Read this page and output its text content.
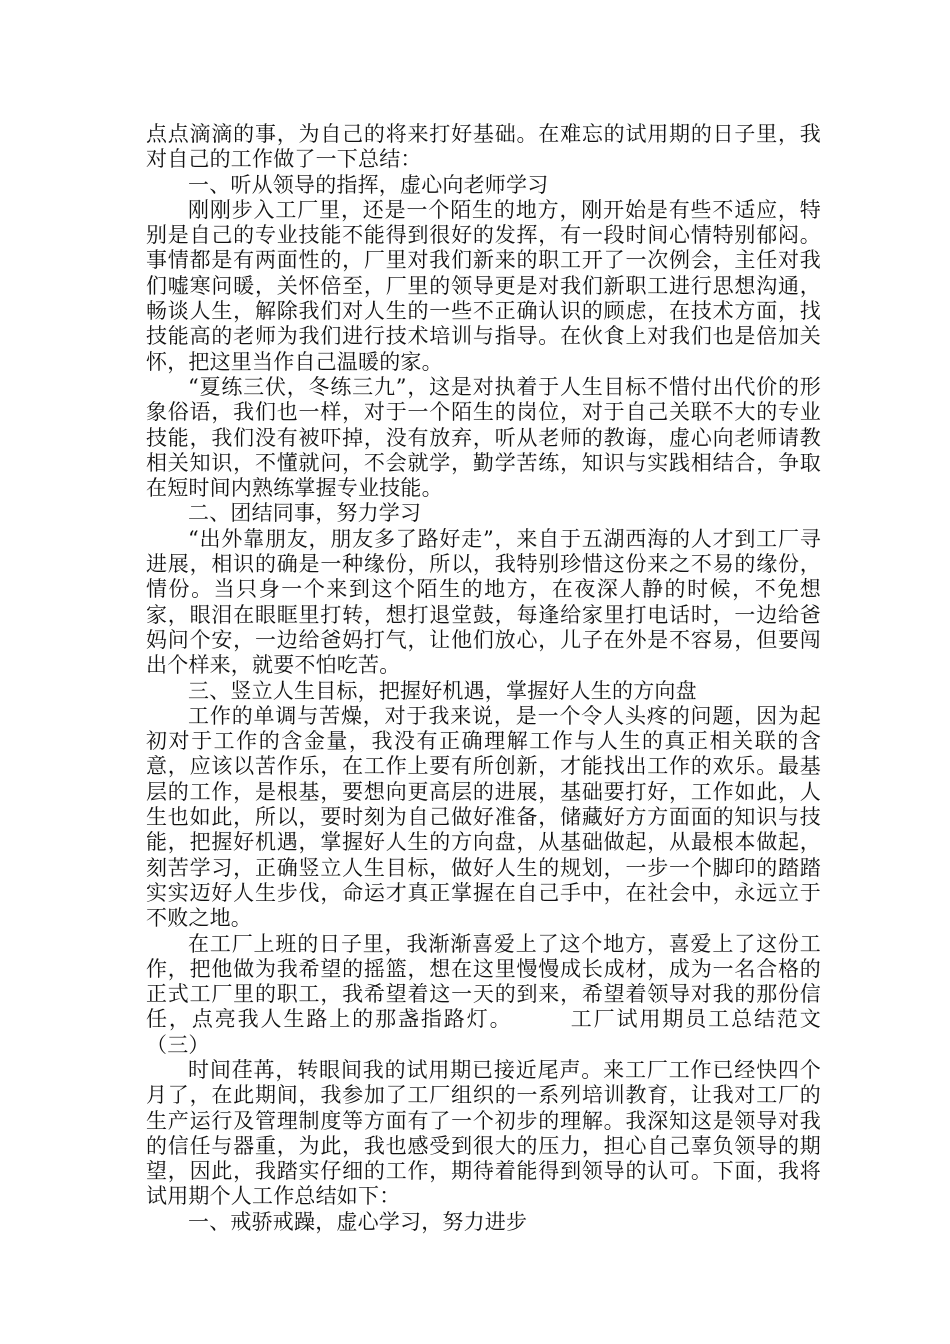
点点滴滴的事，为自己的将来打好基础。在难忘的试用期的日子里，我对自己的工作做了一下总结：

一、听从领导的指挥，虚心向老师学习

刚刚步入工厂里，还是一个陌生的地方，刚开始是有些不适应，特别是自己的专业技能不能得到很好的发挥，有一段时间心情特别郁闷。事情都是有两面性的，厂里对我们新来的职工开了一次例会，主任对我们嘘寒问暖，关怀倍至，厂里的领导更是对我们新职工进行思想沟通，畅谈人生，解除我们对人生的一些不正确认识的顾虑，在技术方面，找技能高的老师为我们进行技术培训与指导。在伙食上对我们也是倍加关怀，把这里当作自己温暖的家。

“夏练三伏，冬练三九”，这是对执着于人生目标不惜付出代价的形象俗语，我们也一样，对于一个陌生的岗位，对于自己关联不大的专业技能，我们没有被吓掉，没有放弃，听从老师的教诲，虚心向老师请教相关知识，不懂就问，不会就学，勤学苦练，知识与实践相结合，争取在短时间内熟练掌握专业技能。

二、团结同事，努力学习

“出外靠朋友，朋友多了路好走”，来自于五湖西海的人才到工厂寻进展，相识的确是一种缘份，所以，我特别珍惜这份来之不易的缘份，情份。当只身一个来到这个陌生的地方，在夜深人静的时候，不免想家，眼泪在眼眶里打转，想打退堂鼓，每逢给家里打电话时，一边给爸妈问个安，一边给爸妈打气，让他们放心，儿子在外是不容易，但要闯出个样来，就要不怕吃苦。

三、竖立人生目标，把握好机遇，掌握好人生的方向盘

工作的单调与苦燥，对于我来说，是一个令人头疼的问题，因为起初对于工作的含金量，我没有正确理解工作与人生的真正相关联的含意，应该以苦作乐，在工作上要有所创新，才能找出工作的欢乐。最基层的工作，是根基，要想向更高层的进展，基础要打好，工作如此，人生也如此，所以，要时刻为自己做好准备，储藏好方方面面的知识与技能，把握好机遇，掌握好人生的方向盘，从基础做起，从最根本做起，刻苦学习，正确竖立人生目标，做好人生的规划，一步一个脚印的踏踏实实迈好人生步伐，命运才真正掌握在自己手中，在社会中，永远立于不败之地。

在工厂上班的日子里，我渐渐喜爱上了这个地方，喜爱上了这份工作，把他做为我希望的摇篮，想在这里慢慢成长成材，成为一名合格的正式工厂里的职工，我希望着这一天的到来，希望着领导对我的那份信任，点亮我人生路上的那盏指路灯。　　　工厂试用期员工总结范文（三）

时间荏苒，转眼间我的试用期已接近尾声。来工厂工作已经快四个月了，在此期间，我参加了工厂组织的一系列培训教育，让我对工厂的生产运行及管理制度等方面有了一个初步的理解。我深知这是领导对我的信任与器重，为此，我也感受到很大的压力，担心自己辜负领导的期望，因此，我踏实仔细的工作，期待着能得到领导的认可。下面，我将试用期个人工作总结如下：

一、戒骄戒躁，虚心学习，努力进步
